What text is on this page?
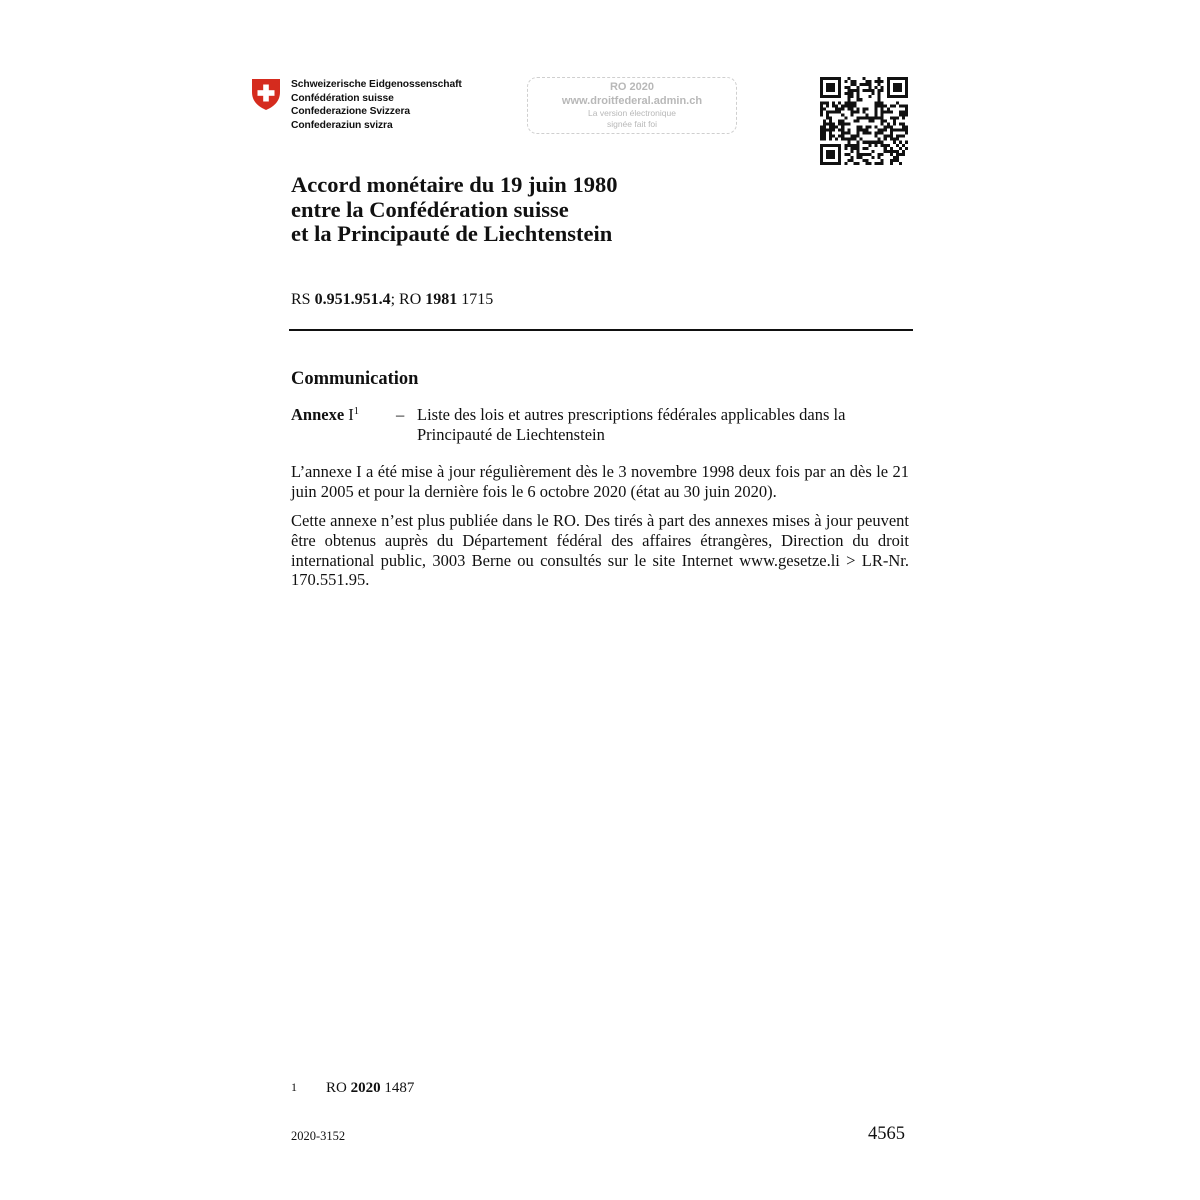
Schweizerische Eidgenossenschaft
Confédération suisse
Confederazione Svizzera
Confederaziun svizra
RO 2020
www.droitfederal.admin.ch
La version électronique
signée fait foi
Accord monétaire du 19 juin 1980
entre la Confédération suisse
et la Principauté de Liechtenstein
RS 0.951.951.4; RO 1981 1715
Communication
Annexe $I^1$ – Liste des lois et autres prescriptions fédérales applicables dans la Principauté de Liechtenstein
L’annexe I a été mise à jour régulièrement dès le 3 novembre 1998 deux fois par an dès le 21 juin 2005 et pour la dernière fois le 6 octobre 2020 (état au 30 juin 2020).
Cette annexe n’est plus publiée dans le RO. Des tirés à part des annexes mises à jour peuvent être obtenus auprès du Département fédéral des affaires étrangères, Direction du droit international public, 3003 Berne ou consultés sur le site Internet www.gesetze.li > LR-Nr. 170.551.95.
1 RO 2020 1487
2020-3152	4565
